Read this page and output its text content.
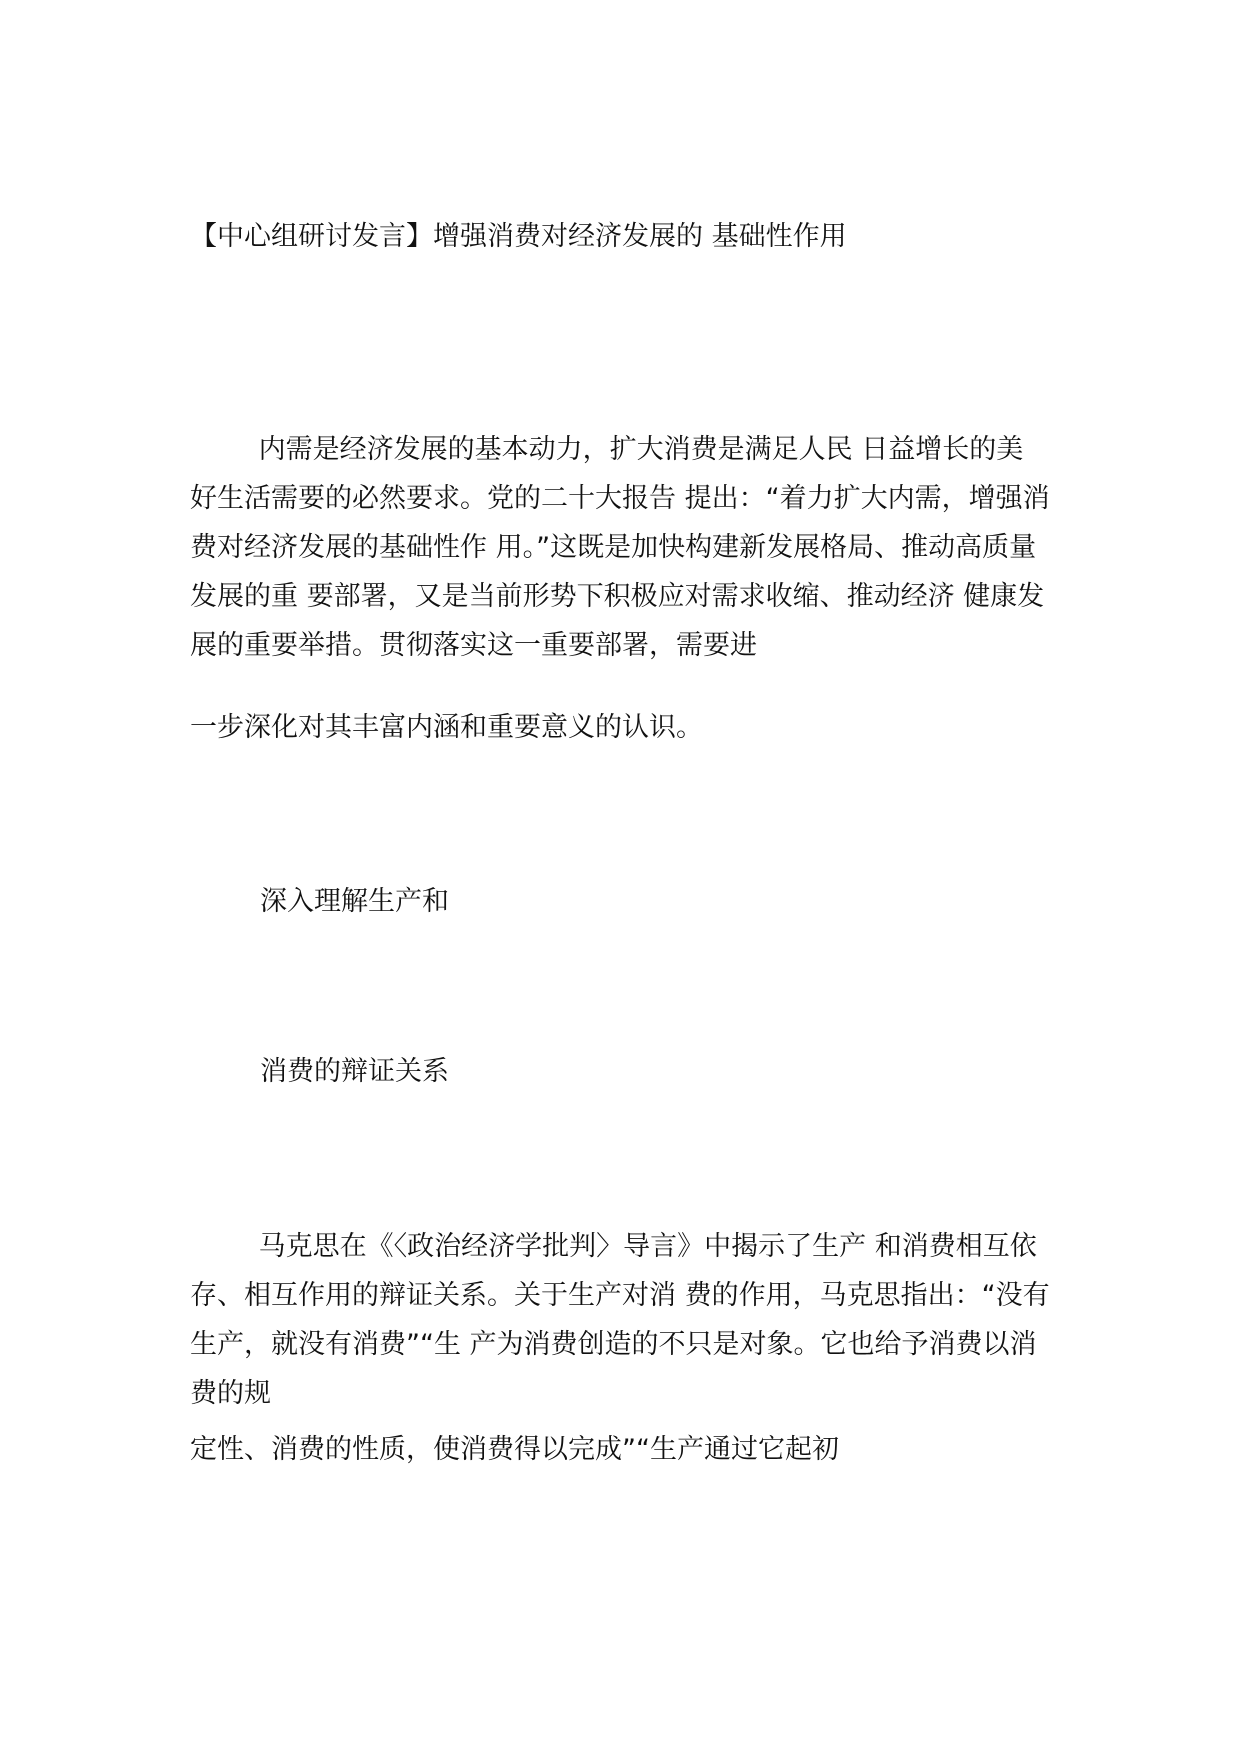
【中心组研讨发言】增强消费对经济发展的 基础性作用

内需是经济发展的基本动力，扩大消费是满足人民 日益增长的美好生活需要的必然要求。党的二十大报告 提出：“着力扩大内需，增强消费对经济发展的基础性作 用。”这既是加快构建新发展格局、推动高质量发展的重 要部署，又是当前形势下积极应对需求收缩、推动经济 健康发展的重要举措。贯彻落实这一重要部署，需要进

一步深化对其丰富内涵和重要意义的认识。

深入理解生产和

消费的辩证关系

马克思在《〈政治经济学批判〉导言》中揭示了生产 和消费相互依存、相互作用的辩证关系。关于生产对消 费的作用，马克思指出：“没有生产，就没有消费”“生 产为消费创造的不只是对象。它也给予消费以消费的规

定性、消费的性质，使消费得以完成”“生产通过它起初
